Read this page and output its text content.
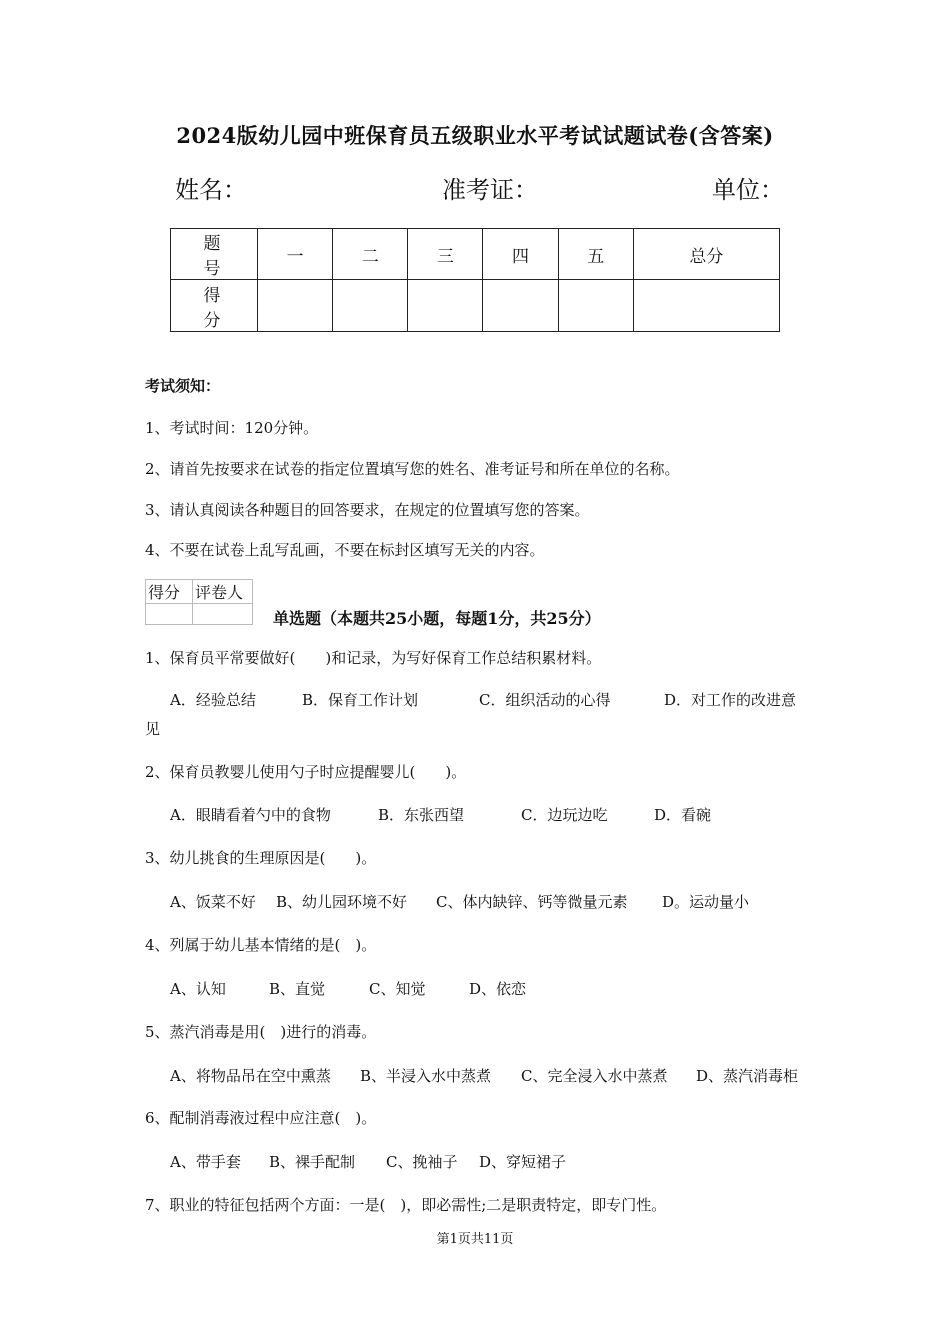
2024版幼儿园中班保育员五级职业水平考试试题试卷(含答案)
姓名：	准考证：	单位：
题　号	一	二	三	四	五	总分
得　分						
考试须知：
1、考试时间：120分钟。
2、请首先按要求在试卷的指定位置填写您的姓名、准考证号和所在单位的名称。
3、请认真阅读各种题目的回答要求，在规定的位置填写您的答案。
4、不要在试卷上乱写乱画，不要在标封区填写无关的内容。
得分	评卷人

单选题（本题共25小题，每题1分，共25分）
1、保育员平常要做好(　　)和记录，为写好保育工作总结积累材料。
A．经验总结	B．保育工作计划	C．组织活动的心得	D．对工作的改进意
见
2、保育员教婴儿使用勺子时应提醒婴儿(　　)。
A．眼睛看着勺中的食物	B．东张西望	C．边玩边吃	D．看碗
3、幼儿挑食的生理原因是(　　)。
A、饭菜不好 B、幼儿园环境不好 C、体内缺锌、钙等微量元素 D。运动量小
4、列属于幼儿基本情绪的是(　)。
A、认知	B、直觉	C、知觉	D、依恋
5、蒸汽消毒是用(　)进行的消毒。
A、将物品吊在空中熏蒸 B、半浸入水中蒸煮 C、完全浸入水中蒸煮 D、蒸汽消毒柜
6、配制消毒液过程中应注意(　)。
A、带手套 B、裸手配制 C、挽袖子 D、穿短裙子
7、职业的特征包括两个方面：一是(　)，即必需性;二是职责特定，即专门性。
第1页共11页
